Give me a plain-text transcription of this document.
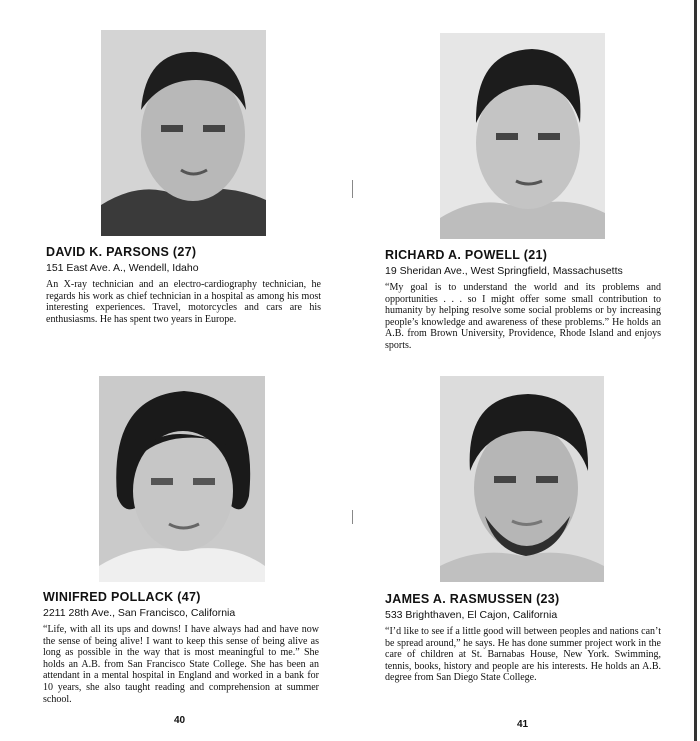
DAVID K. PARSONS (27)
151 East Ave. A., Wendell, Idaho

An X-ray technician and an electro-cardiography technician, he regards his work as chief technician in a hospital as among his most interesting experiences. Travel, motorcycles and cars are his enthusiasms. He has spent two years in Europe.

RICHARD A. POWELL (21)
19 Sheridan Ave., West Springfield, Massachusetts

“My goal is to understand the world and its problems and opportunities . . . so I might offer some small contribution to humanity by helping resolve some social problems or by increasing people’s knowledge and awareness of these problems.” He holds an A.B. from Brown University, Providence, Rhode Island and enjoys sports.

WINIFRED POLLACK (47)
2211 28th Ave., San Francisco, California

“Life, with all its ups and downs! I have always had and have now the sense of being alive! I want to keep this sense of being alive as long as possible in the way that is most meaningful to me.” She holds an A.B. from San Francisco State College. She has been an attendant in a mental hospital in England and worked in a bank for 10 years, she also taught reading and comprehension at summer school.

JAMES A. RASMUSSEN (23)
533 Brighthaven, El Cajon, California

“I’d like to see if a little good will between peoples and nations can’t be spread around,” he says. He has done summer project work in the care of children at St. Barnabas House, New York. Swimming, tennis, books, history and people are his interests. He holds an A.B. degree from San Diego State College.

40	41
